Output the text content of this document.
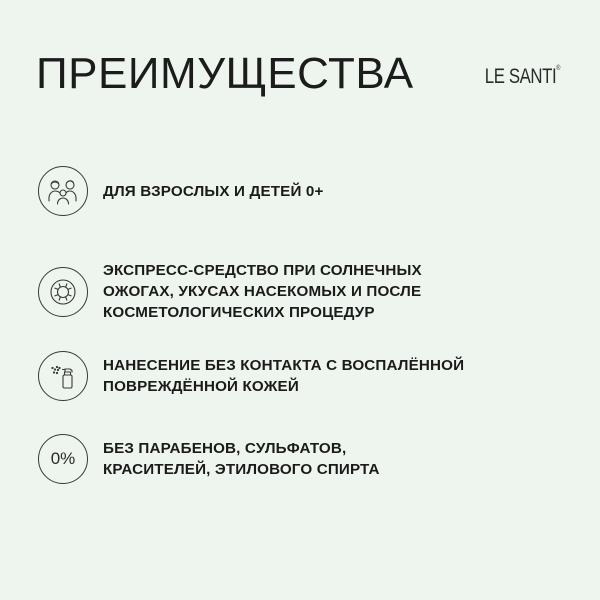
ПРЕИМУЩЕСТВА	LE SANTI®
ДЛЯ ВЗРОСЛЫХ И ДЕТЕЙ 0+
ЭКСПРЕСС-СРЕДСТВО ПРИ СОЛНЕЧНЫХ
ОЖОГАХ, УКУСАХ НАСЕКОМЫХ И ПОСЛЕ
КОСМЕТОЛОГИЧЕСКИХ ПРОЦЕДУР
НАНЕСЕНИЕ БЕЗ КОНТАКТА С ВОСПАЛЁННОЙ
ПОВРЕЖДЁННОЙ КОЖЕЙ
0%
БЕЗ ПАРАБЕНОВ, СУЛЬФАТОВ,
КРАСИТЕЛЕЙ, ЭТИЛОВОГО СПИРТА
